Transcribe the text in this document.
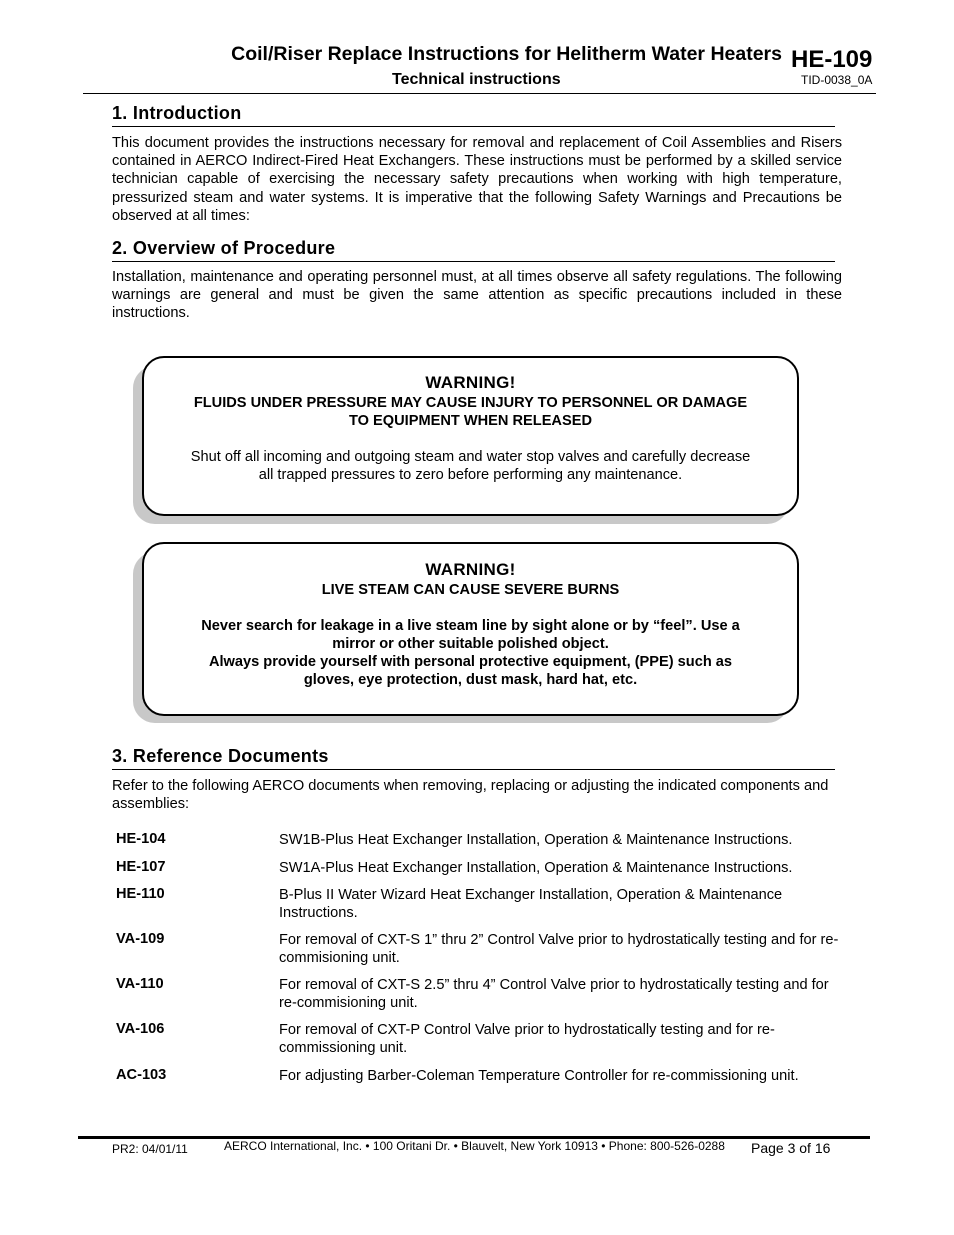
Coil/Riser Replace Instructions for Helitherm Water Heaters HE-109
Technical instructions	TID-0038_0A
1. Introduction
This document provides the instructions necessary for removal and replacement of Coil Assemblies and Risers contained in AERCO Indirect-Fired Heat Exchangers. These instructions must be performed by a skilled service technician capable of exercising the necessary safety precautions when working with high temperature, pressurized steam and water systems. It is imperative that the following Safety Warnings and Precautions be observed at all times:
2. Overview of Procedure
Installation, maintenance and operating personnel must, at all times observe all safety regulations. The following warnings are general and must be given the same attention as specific precautions included in these instructions.
WARNING!
FLUIDS UNDER PRESSURE MAY CAUSE INJURY TO PERSONNEL OR DAMAGE
TO EQUIPMENT WHEN RELEASED
Shut off all incoming and outgoing steam and water stop valves and carefully decrease
all trapped pressures to zero before performing any maintenance.
WARNING!
LIVE STEAM CAN CAUSE SEVERE BURNS
Never search for leakage in a live steam line by sight alone or by “feel”. Use a
mirror or other suitable polished object.
Always provide yourself with personal protective equipment, (PPE) such as
gloves, eye protection, dust mask, hard hat, etc.
3. Reference Documents
Refer to the following AERCO documents when removing, replacing or adjusting the indicated components and assemblies:
HE-104	SW1B-Plus Heat Exchanger Installation, Operation & Maintenance Instructions.
HE-107	SW1A-Plus Heat Exchanger Installation, Operation & Maintenance Instructions.
HE-110	B-Plus II Water Wizard Heat Exchanger Installation, Operation & Maintenance Instructions.
VA-109	For removal of CXT-S 1” thru 2” Control Valve prior to hydrostatically testing and for re-commisioning unit.
VA-110	For removal of CXT-S 2.5” thru 4” Control Valve prior to hydrostatically testing and for re-commisioning unit.
VA-106	For removal of CXT-P Control Valve prior to hydrostatically testing and for re-commissioning unit.
AC-103	For adjusting Barber-Coleman Temperature Controller for re-commissioning unit.
PR2: 04/01/11	AERCO International, Inc. • 100 Oritani Dr. • Blauvelt, New York 10913 • Phone: 800-526-0288 Page 3 of 16
